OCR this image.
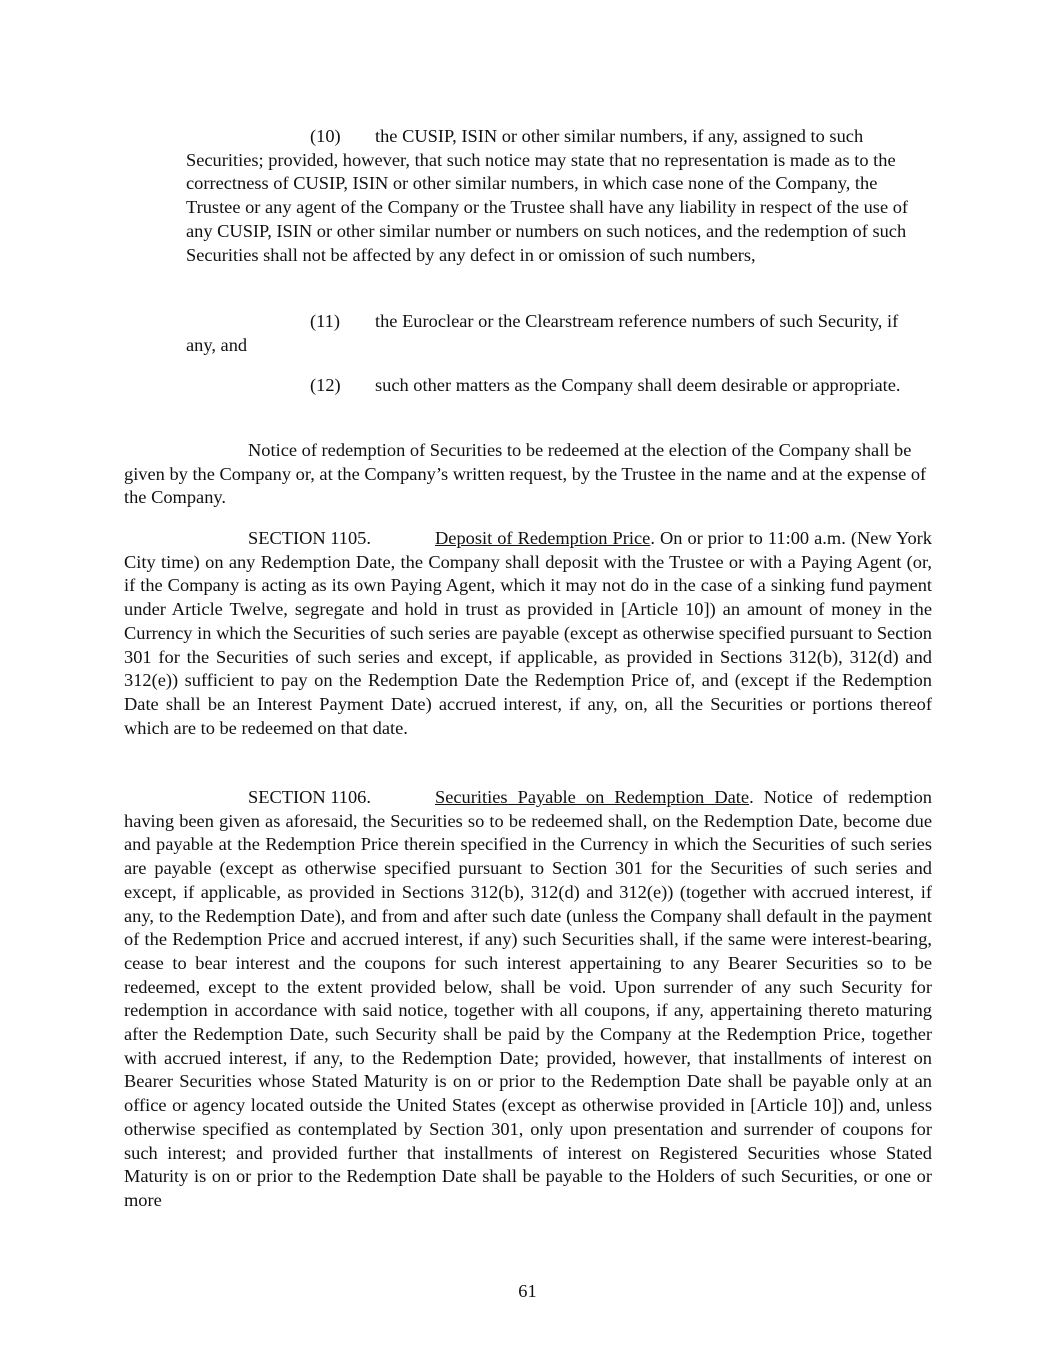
(10) the CUSIP, ISIN or other similar numbers, if any, assigned to such Securities; provided, however, that such notice may state that no representation is made as to the correctness of CUSIP, ISIN or other similar numbers, in which case none of the Company, the Trustee or any agent of the Company or the Trustee shall have any liability in respect of the use of any CUSIP, ISIN or other similar number or numbers on such notices, and the redemption of such Securities shall not be affected by any defect in or omission of such numbers,
(11) the Euroclear or the Clearstream reference numbers of such Security, if any, and
(12) such other matters as the Company shall deem desirable or appropriate.
Notice of redemption of Securities to be redeemed at the election of the Company shall be given by the Company or, at the Company’s written request, by the Trustee in the name and at the expense of the Company.
SECTION 1105.	Deposit of Redemption Price. On or prior to 11:00 a.m. (New York City time) on any Redemption Date, the Company shall deposit with the Trustee or with a Paying Agent (or, if the Company is acting as its own Paying Agent, which it may not do in the case of a sinking fund payment under Article Twelve, segregate and hold in trust as provided in [Article 10]) an amount of money in the Currency in which the Securities of such series are payable (except as otherwise specified pursuant to Section 301 for the Securities of such series and except, if applicable, as provided in Sections 312(b), 312(d) and 312(e)) sufficient to pay on the Redemption Date the Redemption Price of, and (except if the Redemption Date shall be an Interest Payment Date) accrued interest, if any, on, all the Securities or portions thereof which are to be redeemed on that date.
SECTION 1106.	Securities Payable on Redemption Date. Notice of redemption having been given as aforesaid, the Securities so to be redeemed shall, on the Redemption Date, become due and payable at the Redemption Price therein specified in the Currency in which the Securities of such series are payable (except as otherwise specified pursuant to Section 301 for the Securities of such series and except, if applicable, as provided in Sections 312(b), 312(d) and 312(e)) (together with accrued interest, if any, to the Redemption Date), and from and after such date (unless the Company shall default in the payment of the Redemption Price and accrued interest, if any) such Securities shall, if the same were interest-bearing, cease to bear interest and the coupons for such interest appertaining to any Bearer Securities so to be redeemed, except to the extent provided below, shall be void. Upon surrender of any such Security for redemption in accordance with said notice, together with all coupons, if any, appertaining thereto maturing after the Redemption Date, such Security shall be paid by the Company at the Redemption Price, together with accrued interest, if any, to the Redemption Date; provided, however, that installments of interest on Bearer Securities whose Stated Maturity is on or prior to the Redemption Date shall be payable only at an office or agency located outside the United States (except as otherwise provided in [Article 10]) and, unless otherwise specified as contemplated by Section 301, only upon presentation and surrender of coupons for such interest; and provided further that installments of interest on Registered Securities whose Stated Maturity is on or prior to the Redemption Date shall be payable to the Holders of such Securities, or one or more
61
